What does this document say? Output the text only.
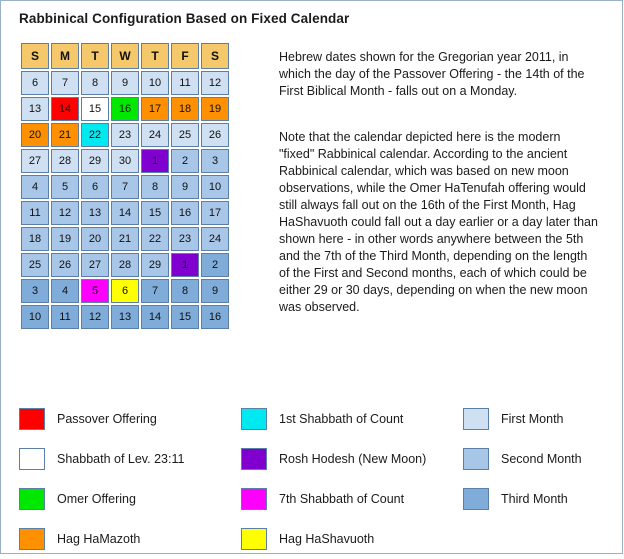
Rabbinical Configuration Based on Fixed Calendar
S	M	T	W	T	F	S
6	7	8	9	10	11	12
13	14	15	16	17	18	19
20	21	22	23	24	25	26
27	28	29	30	1	2	3
4	5	6	7	8	9	10
11	12	13	14	15	16	17
18	19	20	21	22	23	24
25	26	27	28	29	1	2
3	4	5	6	7	8	9
10	11	12	13	14	15	16
Hebrew dates shown for the Gregorian year 2011, in which the day of the Passover Offering - the 14th of the First Biblical Month - falls out on a Monday.
Note that the calendar depicted here is the modern "fixed" Rabbinical calendar. According to the ancient Rabbinical calendar, which was based on new moon observations, while the Omer HaTenufah offering would still always fall out on the 16th of the First Month, Hag HaShavuoth could fall out a day earlier or a day later than shown here - in other words anywhere between the 5th and the 7th of the Third Month, depending on the length of the First and Second months, each of which could be either 29 or 30 days, depending on when the new moon was observed.
Passover Offering
Shabbath of Lev. 23:11
Omer Offering
Hag HaMazoth
1st Shabbath of Count
Rosh Hodesh (New Moon)
7th Shabbath of Count
Hag HaShavuoth
First Month
Second Month
Third Month
